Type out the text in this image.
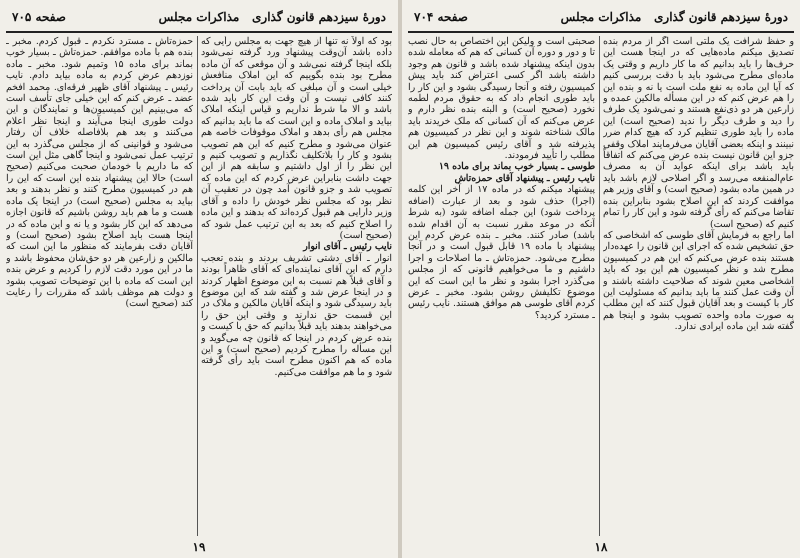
دورهٔ سیزدهم قانون گذاری
مذاکرات مجلس
صفحه ۷۰۵

بود که اولاً نه تنها از هیچ جهت به مجلس رأیی که داده باشد آن‌وقت پیشنهاد ورد گرفته نمی‌شود بلکه اینجا گرفته نمی‌شد و آن موقعی که آن ماده مطرح بود بنده بگوییم که این املاک منافعش خیلی است و آن مبلغی که باید بابت آن پرداخت کنند کافی نیست و آن وقت این کار باید شده باشد و الا ما شرط نداریم و قیاس اینکه املاک بیاید و املاک ماده و این است که ما باید بدانیم که مجلس هم رأی بدهد و املاک موقوفات خاصه هم عنوان می‌شود و مطرح کنیم که این هم تصویب بشود و کار را بلاتکلیف نگذاریم و تصویب کنیم و این نظر را از اول داشتیم و سابقه هم از این جهت داشت بنابراین عرض کردم که این ماده که تصویب شد و جزو قانون آمد چون در تعقیب آن نظر بود که مجلس نظر خودش را داده و آقای وزیر دارایی هم قبول کرده‌اند که بدهند و این ماده را اصلاح کنیم که بعد به این ترتیب عمل شود که (صحیح است)

نایب رئیس ـ آقای انوار

انوار ـ آقای دشتی تشریف بردند و بنده تعجب دارم که این آقای نماینده‌ای که آقای ظاهراً بودند و آقای قبلاً هم نسبت به این موضوع اظهار کردند و در اینجا عرض شد و گفته شد که این موضوع باید رسیدگی شود و اینکه آقایان مالکین و ملاک در این قسمت حق ندارند و وقتی این حق را می‌خواهند بدهند باید قبلاً بدانیم که حق با کیست و بنده عرض کردم در اینجا که قانون چه می‌گوید و این مسأله را مطرح کردیم (صحیح است) و این ماده که هم اکنون مطرح است باید رأی گرفته شود و ما هم موافقت می‌کنیم.

حمزه‌تاش ـ مسترد نکردم ـ قبول کردم. مخبر ـ بنده هم با ماده موافقم. حمزه‌تاش ـ بسیار خوب بماند برای ماده ۱۵ وتمیم شود. مخبر ـ ماده نوزدهم عرض کردم به ماده بیاید دادم. نایب رئیس ـ پیشنهاد آقای ظهیر فرقه‌ای. محمد افخم عضد ـ عرض کنم که این خیلی جای تأسف است که می‌بینیم این کمیسیون‌ها و نمایندگان و این دولت طوری اینجا می‌آیند و اینجا نظر اعلام می‌کنند و بعد هم بلافاصله خلاف آن رفتار می‌شود و قوانینی که از مجلس می‌گذرد به این ترتیب عمل نمی‌شود و اینجا گاهی مثل این است که ما داریم با خودمان صحبت می‌کنیم (صحیح است) حالا این پیشنهاد بنده این است که این را هم در کمیسیون مطرح کنند و نظر بدهند و بعد بیاید به مجلس (صحیح است) در اینجا یک ماده هست و ما هم باید روشن باشیم که قانون اجازه می‌دهد که این کار بشود و یا نه و این ماده که در اینجا هست باید اصلاح بشود (صحیح است) و آقایان دقت بفرمایند که منظور ما این است که مالکین و زارعین هر دو حق‌شان محفوظ باشد و ما در این مورد دقت لازم را کردیم و عرض بنده این است که ماده با این توضیحات تصویب بشود و دولت هم موظف باشد که مقررات را رعایت کند (صحیح است)

۱۹
دورهٔ سیزدهم قانون گذاری
مذاکرات مجلس
صفحه ۷۰۴

و حفظ شرافت یک ملتی است اگر از مردم بنده تصدیق میکنم ماده‌هایی که در اینجا هست این حرف‌ها را باید بدانیم که ما کار داریم و وقتی یک ماده‌ای مطرح می‌شود باید با دقت بررسی کنیم که آیا این ماده به نفع ملت است یا نه و بنده این را هم عرض کنم که در این مسأله مالکین عمده و زارعین هر دو ذی‌نفع هستند و نمی‌شود یک طرف را دید و طرف دیگر را ندید (صحیح است) این ماده را باید طوری تنظیم کرد که هیچ کدام ضرر نبینند و اینکه بعضی آقایان می‌فرمایند املاک وقفی جزو این قانون نیست بنده عرض می‌کنم که اتفاقاً باید باشد برای اینکه عواید آن به مصرف عام‌المنفعه می‌رسد و اگر اصلاحی لازم باشد باید در همین ماده بشود (صحیح است) و آقای وزیر هم موافقت کردند که این اصلاح بشود بنابراین بنده تقاضا می‌کنم که رأی گرفته شود و این کار را تمام کنیم که (صحیح است)

اما راجع به فرمایش آقای طوسی که اشخاصی که حق تشخیص شده که اجرای این قانون را عهده‌دار هستند بنده عرض می‌کنم که این هم در کمیسیون مطرح شد و نظر کمیسیون هم این بود که باید اشخاصی معین شوند که صلاحیت داشته باشند و آن وقت عمل کنند ما باید بدانیم که مسئولیت این کار با کیست و بعد آقایان قبول کنند که این مطلب به صورت ماده واحده تصویب بشود و اینجا هم گفته شد این ماده ایرادی ندارد.

صحبتی است و ولیکن این اختصاص به حال نصب تا و دور و دوره آن کسانی که هم که معامله شده بدون اینکه پیشنهاد شده باشد و قانون هم وجود داشته باشد اگر کسی اعتراض کند باید پیش کمیسیون رفته و آنجا رسیدگی بشود و این کار را باید طوری انجام داد که به حقوق مردم لطمه نخورد (صحیح است) و البته بنده نظر دارم و عرض می‌کنم که آن کسانی که ملک خریدند باید مالک شناخته شوند و این نظر در کمیسیون هم پذیرفته شد و آقای رئیس کمیسیون هم این مطلب را تأیید فرمودند.

طوسی ـ بسیار خوب بماند برای ماده ۱۹

نایب رئیس ـ پیشنهاد آقای حمزه‌تاش

پیشنهاد میکنم که در ماده ۱۷ از آخر این کلمه (اجرا) حذف شود و بعد از عبارت (اضافه پرداخت شود) این جمله اضافه شود (به شرط آنکه در موعد مقرر نسبت به آن اقدام شده باشد) صادر کنند. مخبر ـ بنده عرض کردم این پیشنهاد با ماده ۱۹ قابل قبول است و در آنجا مطرح می‌شود. حمزه‌تاش ـ ما اصلاحات و اجرا داشتیم و ما می‌خواهیم قانونی که از مجلس می‌گذرد اجرا بشود و نظر ما این است که این موضوع تکلیفش روشن بشود. مخبر ـ عرض کردم آقای طوسی هم موافق هستند. نایب رئیس ـ مسترد کردید؟

۱۸
